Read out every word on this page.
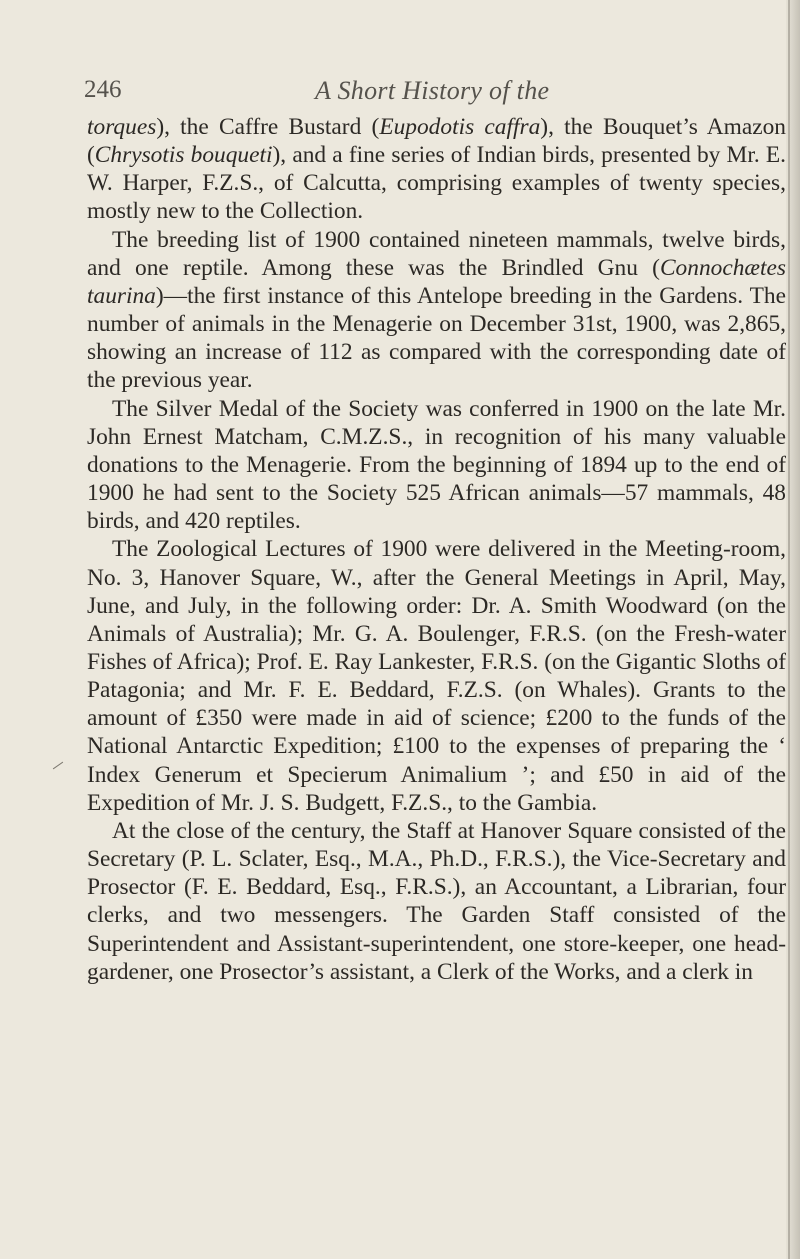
246	A Short History of the

torques), the Caffre Bustard (Eupodotis caffra), the Bouquet’s Amazon (Chrysotis bouqueti), and a fine series of Indian birds, presented by Mr. E. W. Harper, F.Z.S., of Calcutta, comprising examples of twenty species, mostly new to the Collection.

The breeding list of 1900 contained nineteen mammals, twelve birds, and one reptile. Among these was the Brindled Gnu (Connochætes taurina)—the first instance of this Antelope breeding in the Gardens. The number of animals in the Menagerie on December 31st, 1900, was 2,865, showing an increase of 112 as compared with the corresponding date of the previous year.

The Silver Medal of the Society was conferred in 1900 on the late Mr. John Ernest Matcham, C.M.Z.S., in recognition of his many valuable donations to the Menagerie. From the beginning of 1894 up to the end of 1900 he had sent to the Society 525 African animals—57 mammals, 48 birds, and 420 reptiles.

The Zoological Lectures of 1900 were delivered in the Meeting-room, No. 3, Hanover Square, W., after the General Meetings in April, May, June, and July, in the following order: Dr. A. Smith Woodward (on the Animals of Australia); Mr. G. A. Boulenger, F.R.S. (on the Fresh-water Fishes of Africa); Prof. E. Ray Lankester, F.R.S. (on the Gigantic Sloths of Patagonia; and Mr. F. E. Beddard, F.Z.S. (on Whales). Grants to the amount of £350 were made in aid of science; £200 to the funds of the National Antarctic Expedition; £100 to the expenses of preparing the ‘ Index Generum et Specierum Animalium ’; and £50 in aid of the Expedition of Mr. J. S. Budgett, F.Z.S., to the Gambia.

At the close of the century, the Staff at Hanover Square consisted of the Secretary (P. L. Sclater, Esq., M.A., Ph.D., F.R.S.), the Vice-Secretary and Prosector (F. E. Beddard, Esq., F.R.S.), an Accountant, a Librarian, four clerks, and two messengers. The Garden Staff consisted of the Superintendent and Assistant-superintendent, one store-keeper, one head-gardener, one Prosector’s assistant, a Clerk of the Works, and a clerk in
